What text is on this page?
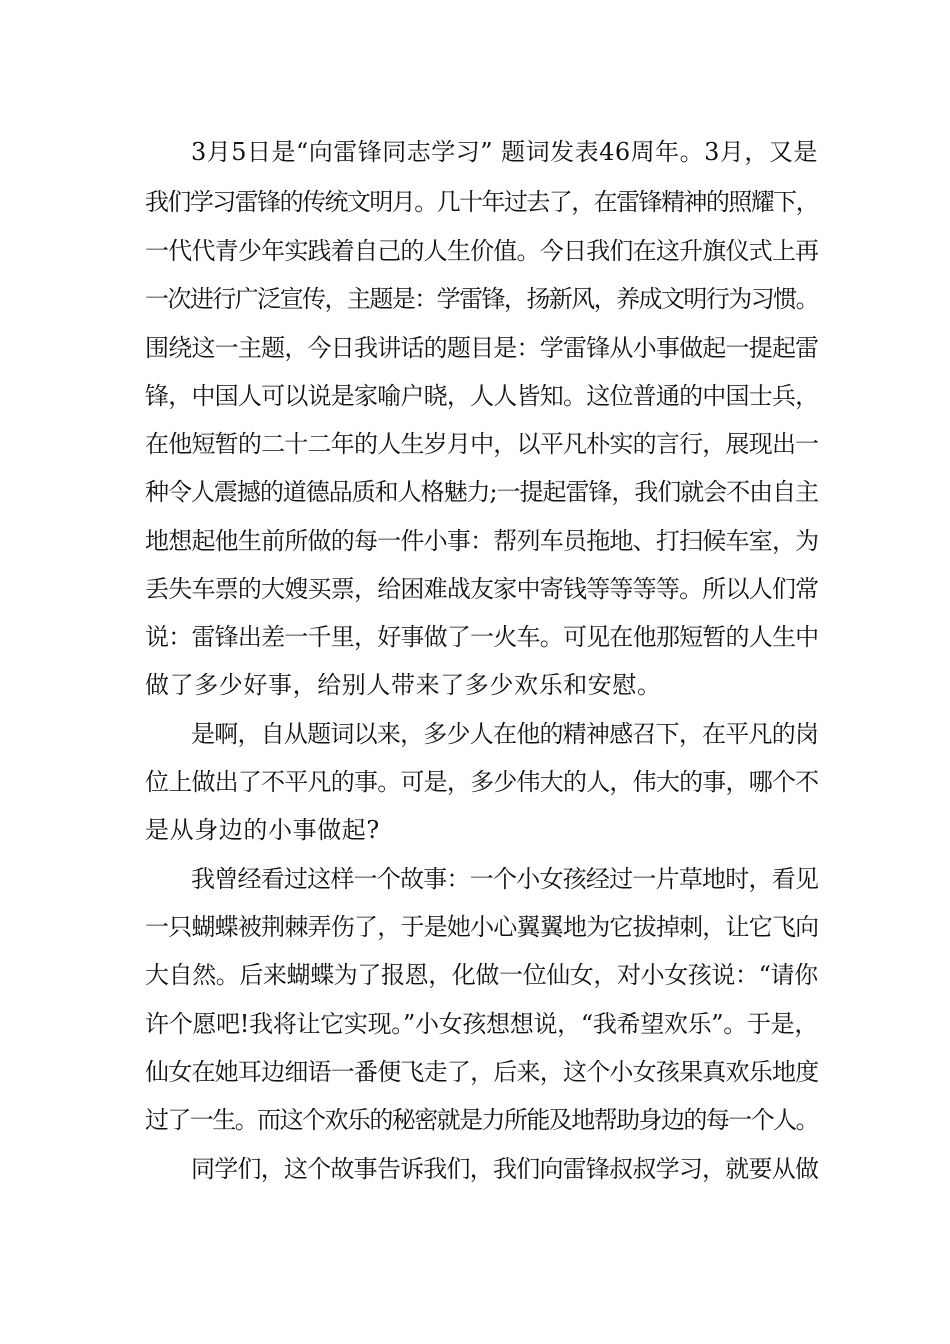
3月5日是“向雷锋同志学习” 题词发表46周年。3月，又是
我们学习雷锋的传统文明月。几十年过去了，在雷锋精神的照耀下，
一代代青少年实践着自己的人生价值。今日我们在这升旗仪式上再
一次进行广泛宣传，主题是：学雷锋，扬新风，养成文明行为习惯。
围绕这一主题，今日我讲话的题目是：学雷锋从小事做起一提起雷
锋，中国人可以说是家喻户晓，人人皆知。这位普通的中国士兵，
在他短暂的二十二年的人生岁月中，以平凡朴实的言行，展现出一
种令人震撼的道德品质和人格魅力;一提起雷锋，我们就会不由自主
地想起他生前所做的每一件小事：帮列车员拖地、打扫候车室，为
丢失车票的大嫂买票，给困难战友家中寄钱等等等等。所以人们常
说：雷锋出差一千里，好事做了一火车。可见在他那短暂的人生中
做了多少好事，给别人带来了多少欢乐和安慰。
是啊，自从题词以来，多少人在他的精神感召下，在平凡的岗
位上做出了不平凡的事。可是，多少伟大的人，伟大的事，哪个不
是从身边的小事做起?
我曾经看过这样一个故事：一个小女孩经过一片草地时，看见
一只蝴蝶被荆棘弄伤了，于是她小心翼翼地为它拔掉刺，让它飞向
大自然。后来蝴蝶为了报恩，化做一位仙女，对小女孩说：“请你
许个愿吧!我将让它实现。”小女孩想想说，“我希望欢乐”。于是，
仙女在她耳边细语一番便飞走了，后来，这个小女孩果真欢乐地度
过了一生。而这个欢乐的秘密就是力所能及地帮助身边的每一个人。
同学们，这个故事告诉我们，我们向雷锋叔叔学习，就要从做
